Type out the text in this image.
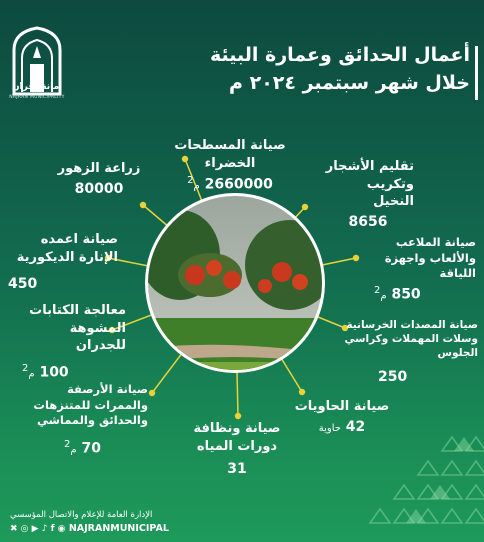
أمانة نجران
NAJRAN MUNICIPALITY
أعمال الحدائق وعمارة البيئة
خلال شهر سبتمبر ٢٠٢٤ م
صيانة المسطحات الخضراء
2660000 م$^2$
زراعة الزهور
80000
تقليم الأشجار وتكريب النخيل
8656
صيانة اعمده الإنارة الديكورية
450
صيانة الملاعب والألعاب واجهزة اللياقة
850 م$^2$
معالجة الكتابات المشوهة للجدران
100 م$^2$
صيانة المصدات الخرسانية وسلات المهملات وكراسي الجلوس
250
صيانة الأرصفة والممرات للمتنزهات والحدائق والمماشي
70 م$^2$
صيانة الحاويات
42 حاوية
صيانة ونظافة دورات المياه
31
الإدارة العامة للإعلام والاتصال المؤسسي
✖ ◎ ▶ ♪ f ◉ NAJRANMUNICIPAL
